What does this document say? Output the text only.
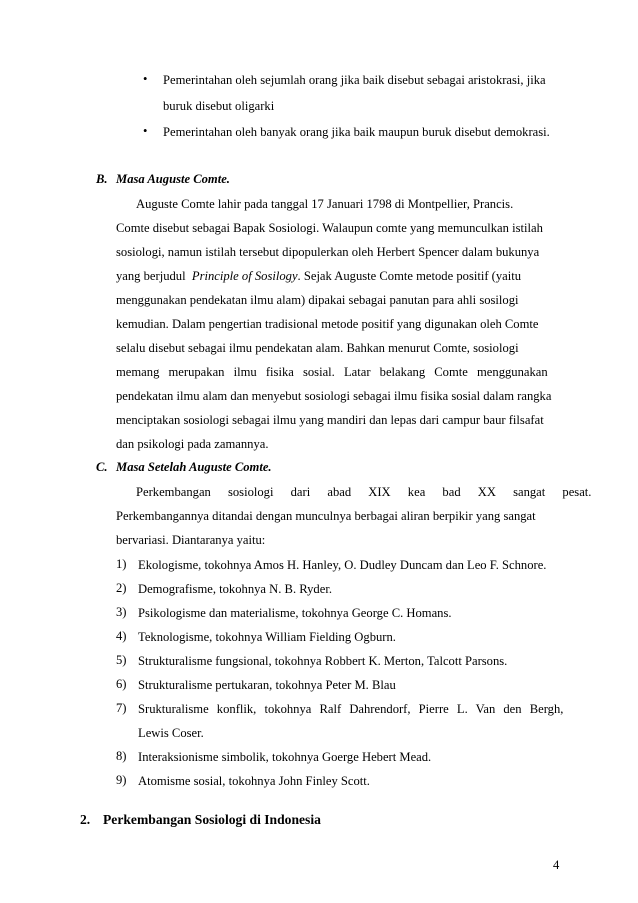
• Pemerintahan oleh sejumlah orang jika baik disebut sebagai aristokrasi, jika
buruk disebut oligarki
• Pemerintahan oleh banyak orang jika baik maupun buruk disebut demokrasi.
B. Masa Auguste Comte.
Auguste Comte lahir pada tanggal 17 Januari 1798 di Montpellier, Prancis.
Comte disebut sebagai Bapak Sosiologi. Walaupun comte yang memunculkan istilah
sosiologi, namun istilah tersebut dipopulerkan oleh Herbert Spencer dalam bukunya
yang berjudul Principle of Sosilogy. Sejak Auguste Comte metode positif (yaitu
menggunakan pendekatan ilmu alam) dipakai sebagai panutan para ahli sosilogi
kemudian. Dalam pengertian tradisional metode positif yang digunakan oleh Comte
selalu disebut sebagai ilmu pendekatan alam. Bahkan menurut Comte, sosiologi
memang merupakan ilmu fisika sosial. Latar belakang Comte menggunakan
pendekatan ilmu alam dan menyebut sosiologi sebagai ilmu fisika sosial dalam rangka
menciptakan sosiologi sebagai ilmu yang mandiri dan lepas dari campur baur filsafat
dan psikologi pada zamannya.
C. Masa Setelah Auguste Comte.
Perkembangan sosiologi dari abad XIX kea bad XX sangat pesat.
Perkembangannya ditandai dengan munculnya berbagai aliran berpikir yang sangat
bervariasi. Diantaranya yaitu:
1) Ekologisme, tokohnya Amos H. Hanley, O. Dudley Duncam dan Leo F. Schnore.
2) Demografisme, tokohnya N. B. Ryder.
3) Psikologisme dan materialisme, tokohnya George C. Homans.
4) Teknologisme, tokohnya William Fielding Ogburn.
5) Strukturalisme fungsional, tokohnya Robbert K. Merton, Talcott Parsons.
6) Strukturalisme pertukaran, tokohnya Peter M. Blau
7) Srukturalisme konflik, tokohnya Ralf Dahrendorf, Pierre L. Van den Bergh,
Lewis Coser.
8) Interaksionisme simbolik, tokohnya Goerge Hebert Mead.
9) Atomisme sosial, tokohnya John Finley Scott.
2. Perkembangan Sosiologi di Indonesia
4
